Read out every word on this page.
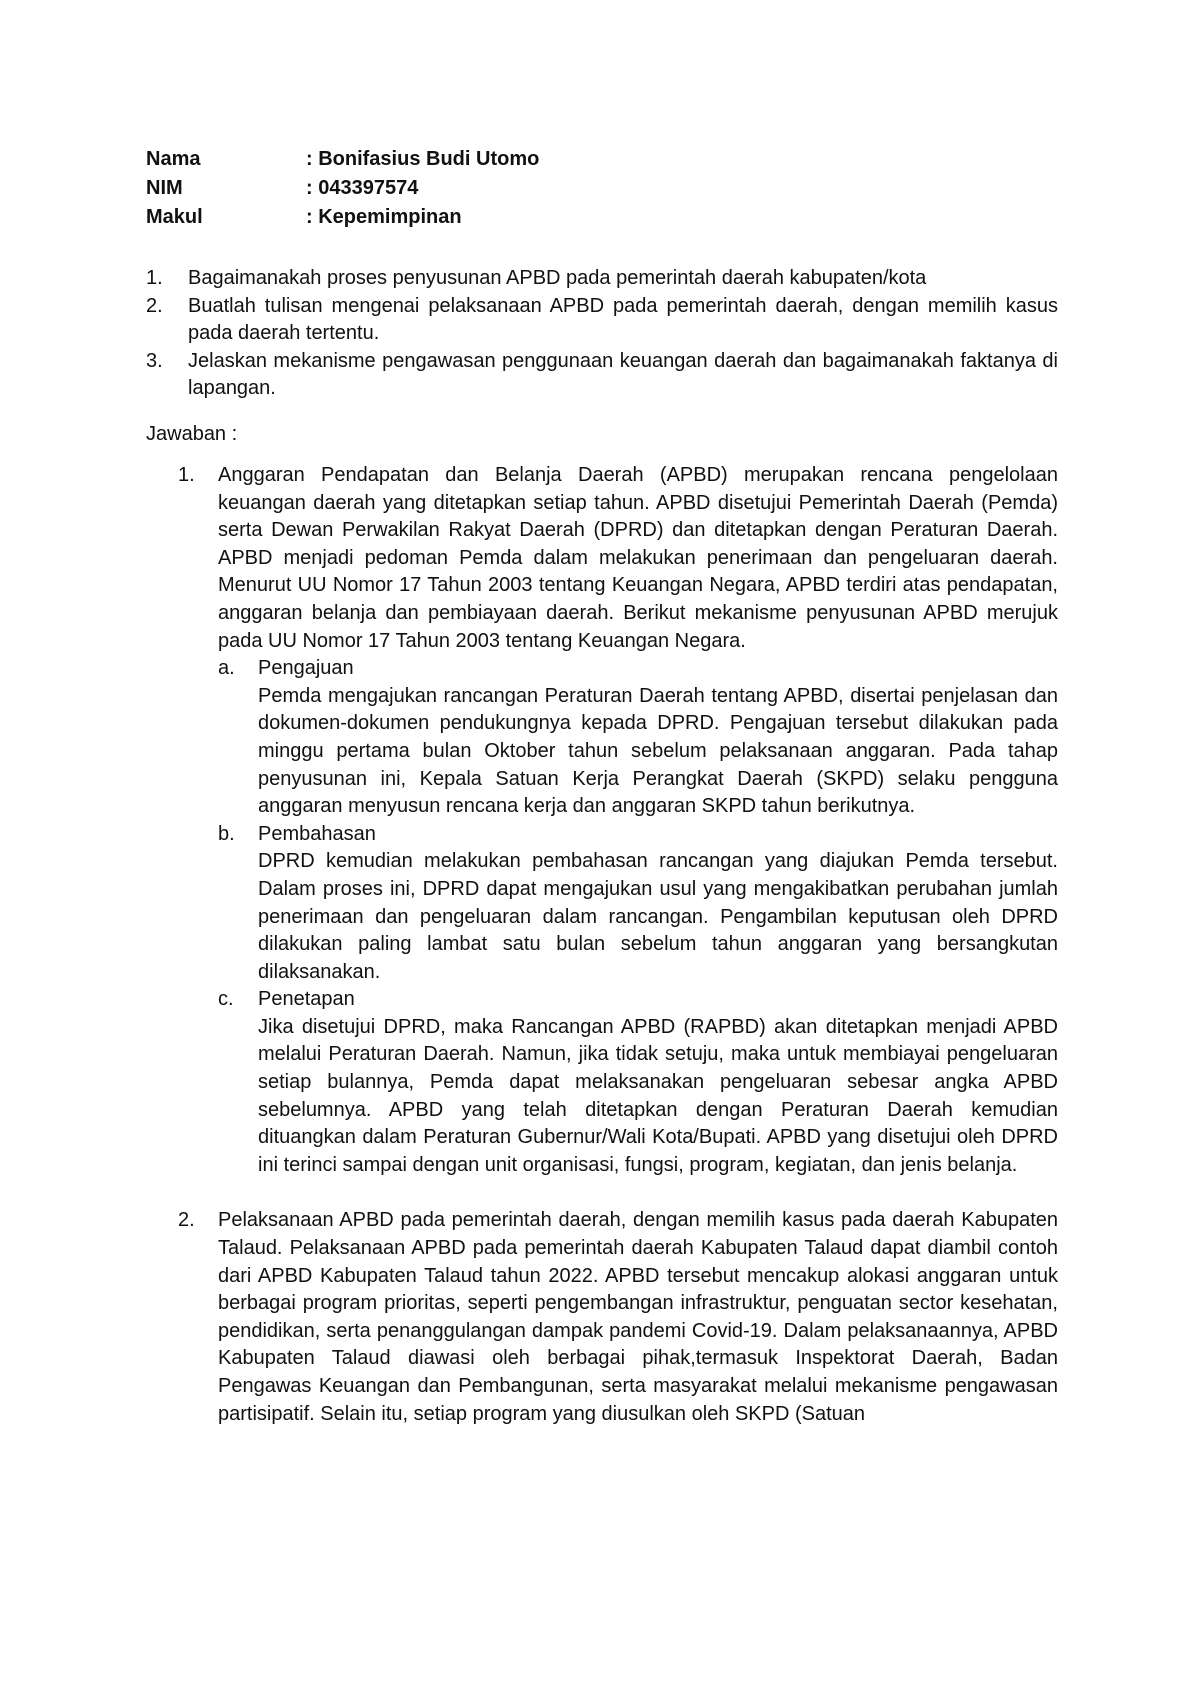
Nama	: Bonifasius Budi Utomo
NIM	: 043397574
Makul	: Kepemimpinan
1.	Bagaimanakah proses penyusunan APBD pada pemerintah daerah kabupaten/kota
2.	Buatlah tulisan mengenai pelaksanaan APBD pada pemerintah daerah, dengan memilih kasus pada daerah tertentu.
3.	Jelaskan mekanisme pengawasan penggunaan keuangan daerah dan bagaimanakah faktanya di lapangan.
Jawaban :
1.	Anggaran Pendapatan dan Belanja Daerah (APBD) merupakan rencana pengelolaan keuangan daerah yang ditetapkan setiap tahun. APBD disetujui Pemerintah Daerah (Pemda) serta Dewan Perwakilan Rakyat Daerah (DPRD) dan ditetapkan dengan Peraturan Daerah. APBD menjadi pedoman Pemda dalam melakukan penerimaan dan pengeluaran daerah. Menurut UU Nomor 17 Tahun 2003 tentang Keuangan Negara, APBD terdiri atas pendapatan, anggaran belanja dan pembiayaan daerah. Berikut mekanisme penyusunan APBD merujuk pada UU Nomor 17 Tahun 2003 tentang Keuangan Negara.
a.	Pengajuan
Pemda mengajukan rancangan Peraturan Daerah tentang APBD, disertai penjelasan dan dokumen-dokumen pendukungnya kepada DPRD. Pengajuan tersebut dilakukan pada minggu pertama bulan Oktober tahun sebelum pelaksanaan anggaran. Pada tahap penyusunan ini, Kepala Satuan Kerja Perangkat Daerah (SKPD) selaku pengguna anggaran menyusun rencana kerja dan anggaran SKPD tahun berikutnya.
b.	Pembahasan
DPRD kemudian melakukan pembahasan rancangan yang diajukan Pemda tersebut. Dalam proses ini, DPRD dapat mengajukan usul yang mengakibatkan perubahan jumlah penerimaan dan pengeluaran dalam rancangan. Pengambilan keputusan oleh DPRD dilakukan paling lambat satu bulan sebelum tahun anggaran yang bersangkutan dilaksanakan.
c.	Penetapan
Jika disetujui DPRD, maka Rancangan APBD (RAPBD) akan ditetapkan menjadi APBD melalui Peraturan Daerah. Namun, jika tidak setuju, maka untuk membiayai pengeluaran setiap bulannya, Pemda dapat melaksanakan pengeluaran sebesar angka APBD sebelumnya. APBD yang telah ditetapkan dengan Peraturan Daerah kemudian dituangkan dalam Peraturan Gubernur/Wali Kota/Bupati. APBD yang disetujui oleh DPRD ini terinci sampai dengan unit organisasi, fungsi, program, kegiatan, dan jenis belanja.
2.	Pelaksanaan APBD pada pemerintah daerah, dengan memilih kasus pada daerah Kabupaten Talaud. Pelaksanaan APBD pada pemerintah daerah Kabupaten Talaud dapat diambil contoh dari APBD Kabupaten Talaud tahun 2022. APBD tersebut mencakup alokasi anggaran untuk berbagai program prioritas, seperti pengembangan infrastruktur, penguatan sector kesehatan, pendidikan, serta penanggulangan dampak pandemi Covid-19. Dalam pelaksanaannya, APBD Kabupaten Talaud diawasi oleh berbagai pihak,termasuk Inspektorat Daerah, Badan Pengawas Keuangan dan Pembangunan, serta masyarakat melalui mekanisme pengawasan partisipatif. Selain itu, setiap program yang diusulkan oleh SKPD (Satuan
